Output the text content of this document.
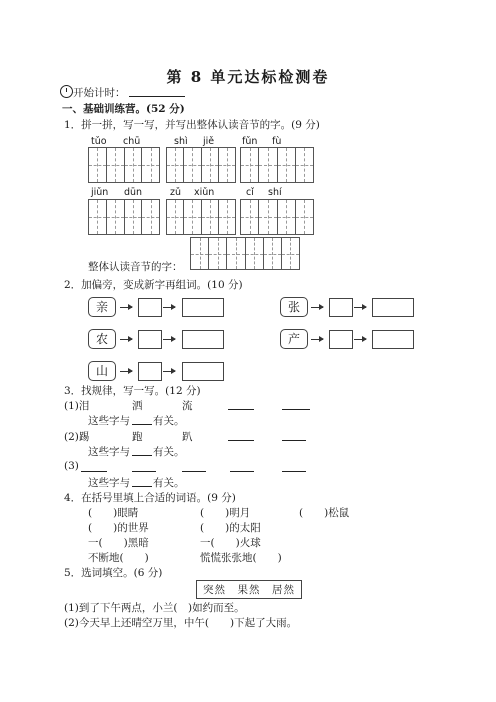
第 8 单元达标检测卷
开始计时：
一、基础训练营。(52 分)
1．拼一拼，写一写，并写出整体认读音节的字。(9 分)
tǔo chū	shì jiě	fǔn fù
jiǔn dūn	zǔ xiǔn	cǐ shí
整体认读音节的字：
2．加偏旁，变成新字再组词。(10 分)
亲	张
农	产
山
3．找规律，写一写。(12 分)
(1)泪	洒	流
这些字与 有关。
(2)踢	跑	趴
这些字与 有关。
(3)
这些字与 有关。
4．在括号里填上合适的词语。(9 分)
(　　)眼睛	(　　)明月	(　　)松鼠
(　　)的世界	(　　)的太阳
一(　　)黑暗	一(　　)火球
不断地(　　)	慌慌张张地(　　)
5．选词填空。(6 分)
突然　果然　居然
(1)到了下午两点，小兰(　)如约而至。
(2)今天早上还晴空万里，中午(　　)下起了大雨。
